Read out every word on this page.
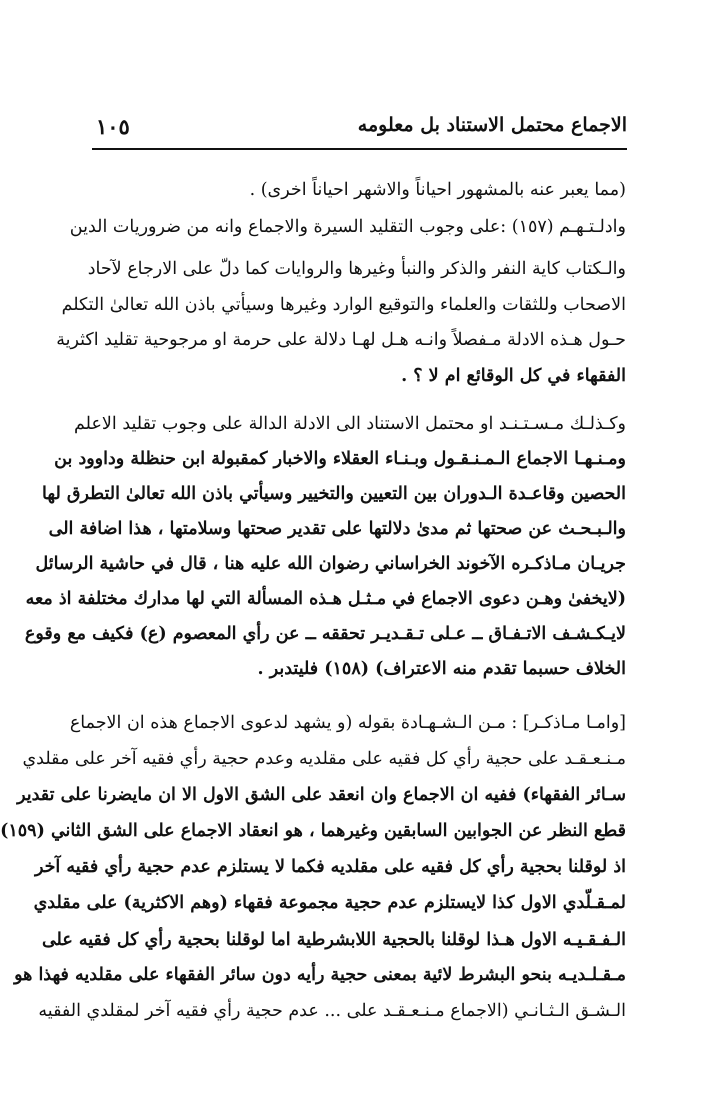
الاجماع محتمل الاستناد بل معلومه
١٠٥
(مما يعبر عنه بالمشهور احياناً والاشهر احياناً اخرى) .
وادلـتـهـم (١٥٧) :على وجوب التقليد السيرة والاجماع وانه من ضروريات الدين
والـكتاب كاية النفر والذكر والنبأ وغيرها والروايات كما دلّ على الارجاع لآحاد
الاصحاب وللثقات والعلماء والتوقيع الوارد وغيرها وسيأتي باذن الله تعالىٰ التكلم
حـول هـذه الادلة مـفصلاً وانـه هـل لهـا دلالة على حرمة او مرجوحية تقليد اكثرية
الفقهاء في كل الوقائع ام لا ؟ .
وكـذلـك مـسـتـنـد او محتمل الاستناد الى الادلة الدالة على وجوب تقليد الاعلم
ومـنـهـا الاجماع الـمـنـقـول وبـنـاء العقلاء والاخبار كمقبولة ابن حنظلة وداوود بن
الحصين وقاعـدة الـدوران بين التعيين والتخيير وسيأتي باذن الله تعالىٰ التطرق لها
والـبـحـث عن صحتها ثم مدىٰ دلالتها على تقدير صحتها وسلامتها ، هذا اضافة الى
جريـان مـاذكـره الآخوند الخراساني رضوان الله عليه هنا ، قال في حاشية الرسائل
(لايخفىٰ وهـن دعوى الاجماع في مـثـل هـذه المسألة التي لها مدارك مختلفة اذ معه
لايـكـشـف الاتـفـاق ــ عـلى تـقـديـر تحققه ــ عن رأي المعصوم (ع) فكيف مع وقوع
الخلاف حسبما تقدم منه الاعتراف) (١٥٨) فليتدبر .
[وامـا مـاذكـر] : مـن الـشـهـادة بقوله (و يشهد لدعوى الاجماع هذه ان الاجماع
مـنـعـقـد على حجية رأي كل فقيه على مقلديه وعدم حجية رأي فقيه آخر على مقلدي
سـائر الفقهاء) ففيه ان الاجماع وان انعقد على الشق الاول الا ان مايضرنا على تقدير
قطع النظر عن الجوابين السابقين وغيرهما ، هو انعقاد الاجماع على الشق الثاني (١٥٩)
اذ لوقلنا بحجية رأي كل فقيه على مقلديه فكما لا يستلزم عدم حجية رأي فقيه آخر
لمـقـلّدي الاول كذا لايستلزم عدم حجية مجموعة فقهاء (وهم الاكثرية) على مقلدي
الـفـقـيـه الاول هـذا لوقلنا بالحجية اللابشرطية اما لوقلنا بحجية رأي كل فقيه على
مـقـلـديـه بنحو البشرط لائية بمعنى حجية رأيه دون سائر الفقهاء على مقلديه فهذا هو
الـشـق الـثـانـي (الاجماع مـنـعـقـد على ... عدم حجية رأي فقيه آخر لمقلدي الفقيه
